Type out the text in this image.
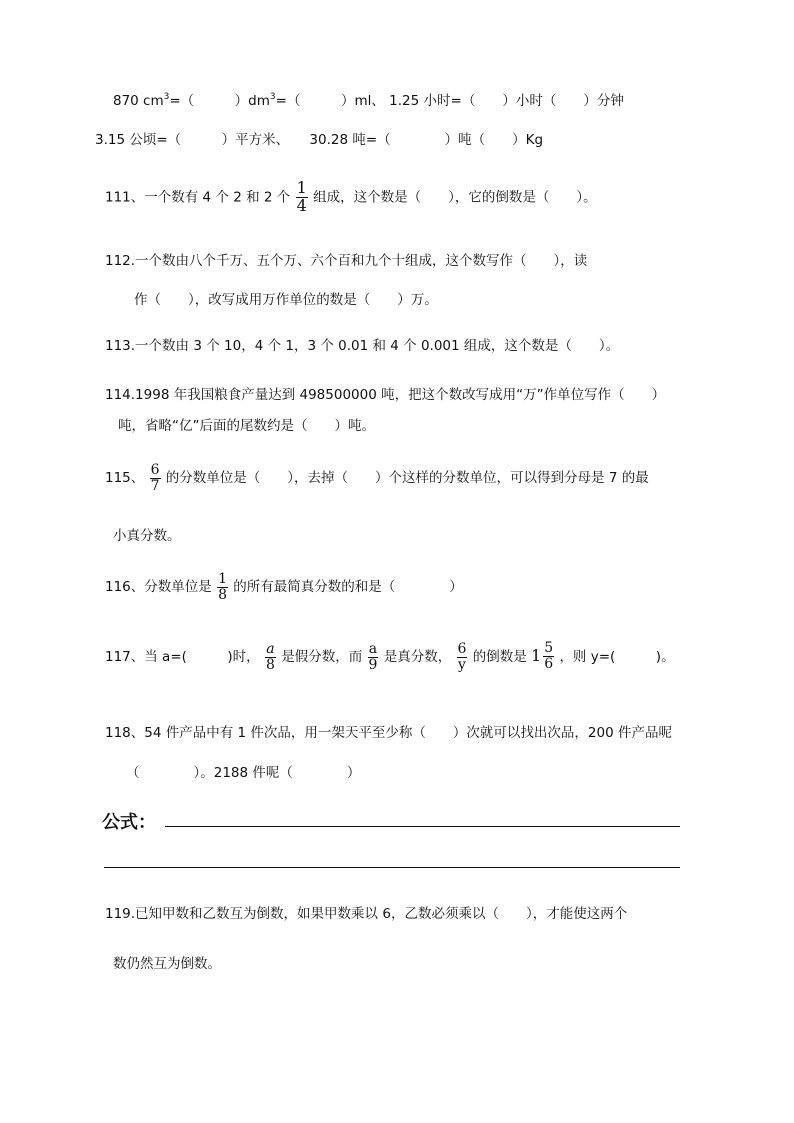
870 $cm^3=$（　　　）$dm^3=$（　　　）ml、 1.25 小时=（　　）小时（　　）分钟
3.15 公顷=（　　　）平方米、　　30.28 吨=（　　　　）吨（　　）Kg
111、一个数有 4 个 2 和 2 个 $\frac{1}{4}$ 组成，这个数是（　　），它的倒数是（　　）。
112.一个数由八个千万、五个万、六个百和九个十组成，这个数写作（　　），读
作（　　），改写成用万作单位的数是（　　）万。
113.一个数由 3 个 10，4 个 1，3 个 0.01 和 4 个 0.001 组成，这个数是（　　）。
114.1998 年我国粮食产量达到 498500000 吨，把这个数改写成用“万”作单位写作（　　）
吨，省略“亿”后面的尾数约是（　　）吨。
115、 $\frac{6}{7}$ 的分数单位是（　　），去掉（　　）个这样的分数单位，可以得到分母是 7 的最
小真分数。
116、分数单位是 $\frac{1}{8}$ 的所有最简真分数的和是（　　　　）
117、当 a=(　　　)时， $\frac{a}{8}$ 是假分数，而 $\frac{a}{9}$ 是真分数， $\frac{6}{y}$ 的倒数是 $1 \frac{5}{6}$ ，则 y=(　　　)。
118、54 件产品中有 1 件次品，用一架天平至少称（　　）次就可以找出次品，200 件产品呢
（　　　　）。2188 件呢（　　　　）
公式：
119.已知甲数和乙数互为倒数，如果甲数乘以 6，乙数必须乘以（　　），才能使这两个
数仍然互为倒数。
